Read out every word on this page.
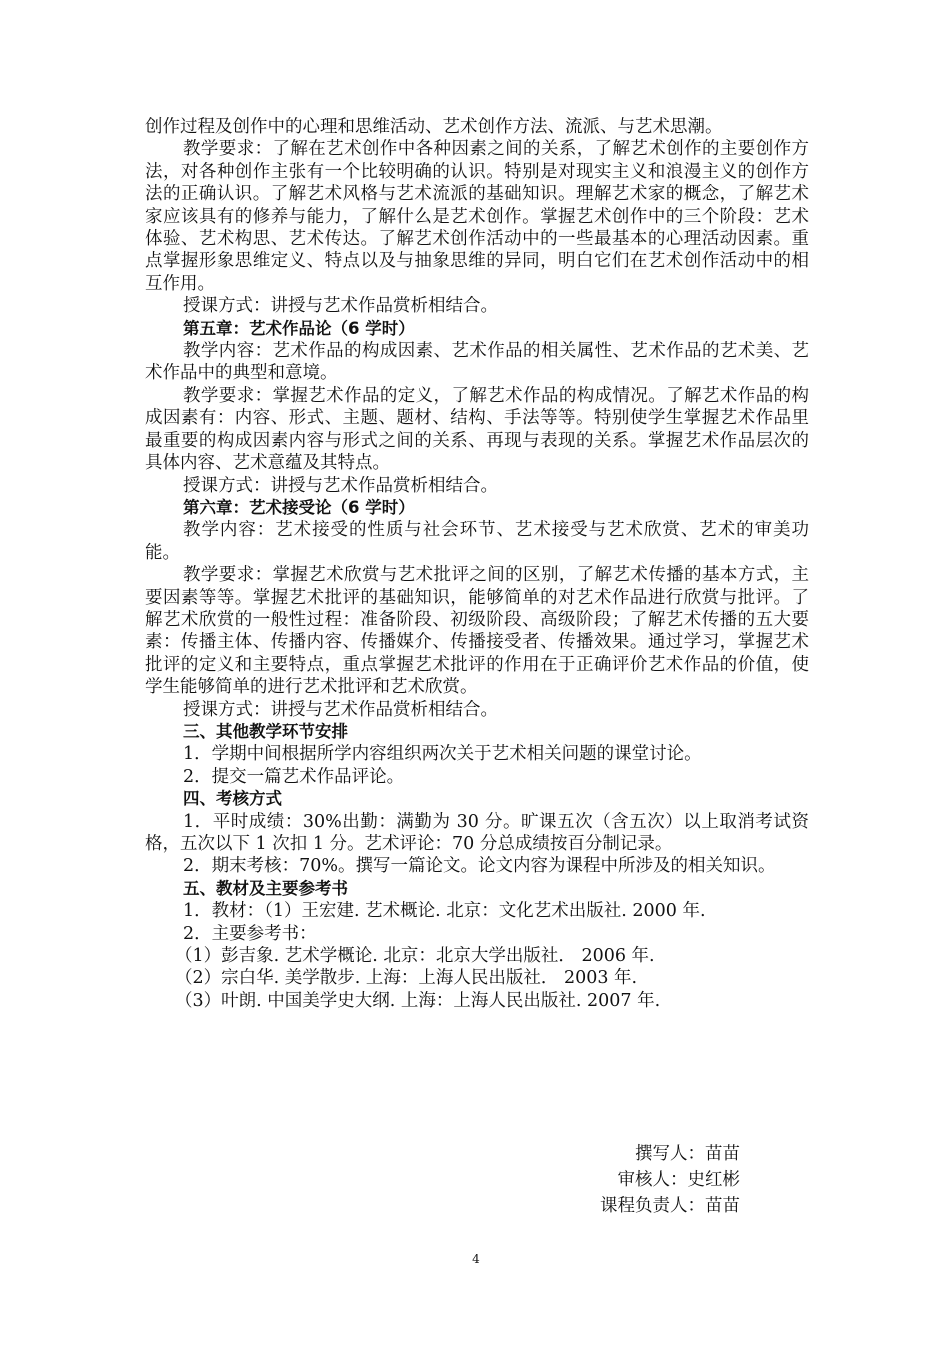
创作过程及创作中的心理和思维活动、艺术创作方法、流派、与艺术思潮。

教学要求：了解在艺术创作中各种因素之间的关系，了解艺术创作的主要创作方法，对各种创作主张有一个比较明确的认识。特别是对现实主义和浪漫主义的创作方法的正确认识。了解艺术风格与艺术流派的基础知识。理解艺术家的概念，了解艺术家应该具有的修养与能力，了解什么是艺术创作。掌握艺术创作中的三个阶段：艺术体验、艺术构思、艺术传达。了解艺术创作活动中的一些最基本的心理活动因素。重点掌握形象思维定义、特点以及与抽象思维的异同，明白它们在艺术创作活动中的相互作用。

授课方式：讲授与艺术作品赏析相结合。

第五章：艺术作品论（6 学时）

教学内容：艺术作品的构成因素、艺术作品的相关属性、艺术作品的艺术美、艺术作品中的典型和意境。

教学要求：掌握艺术作品的定义，了解艺术作品的构成情况。了解艺术作品的构成因素有：内容、形式、主题、题材、结构、手法等等。特别使学生掌握艺术作品里最重要的构成因素内容与形式之间的关系、再现与表现的关系。掌握艺术作品层次的具体内容、艺术意蕴及其特点。

授课方式：讲授与艺术作品赏析相结合。

第六章：艺术接受论（6 学时）

教学内容：艺术接受的性质与社会环节、艺术接受与艺术欣赏、艺术的审美功能。

教学要求：掌握艺术欣赏与艺术批评之间的区别，了解艺术传播的基本方式，主要因素等等。掌握艺术批评的基础知识，能够简单的对艺术作品进行欣赏与批评。了解艺术欣赏的一般性过程：准备阶段、初级阶段、高级阶段；了解艺术传播的五大要素：传播主体、传播内容、传播媒介、传播接受者、传播效果。通过学习，掌握艺术批评的定义和主要特点，重点掌握艺术批评的作用在于正确评价艺术作品的价值，使学生能够简单的进行艺术批评和艺术欣赏。

授课方式：讲授与艺术作品赏析相结合。

三、其他教学环节安排

1．学期中间根据所学内容组织两次关于艺术相关问题的课堂讨论。

2．提交一篇艺术作品评论。

四、考核方式

1．平时成绩：30%出勤：满勤为 30 分。旷课五次（含五次）以上取消考试资格，五次以下 1 次扣 1 分。艺术评论：70 分总成绩按百分制记录。

2．期末考核：70%。撰写一篇论文。论文内容为课程中所涉及的相关知识。

五、教材及主要参考书

1．教材：（1）王宏建. 艺术概论. 北京：文化艺术出版社. 2000 年.

2．主要参考书：

（1）彭吉象. 艺术学概论. 北京：北京大学出版社． 2006 年.

（2）宗白华. 美学散步. 上海：上海人民出版社． 2003 年.

（3）叶朗. 中国美学史大纲. 上海：上海人民出版社. 2007 年.

撰写人：苗苗
审核人：史红彬
课程负责人：苗苗
4
